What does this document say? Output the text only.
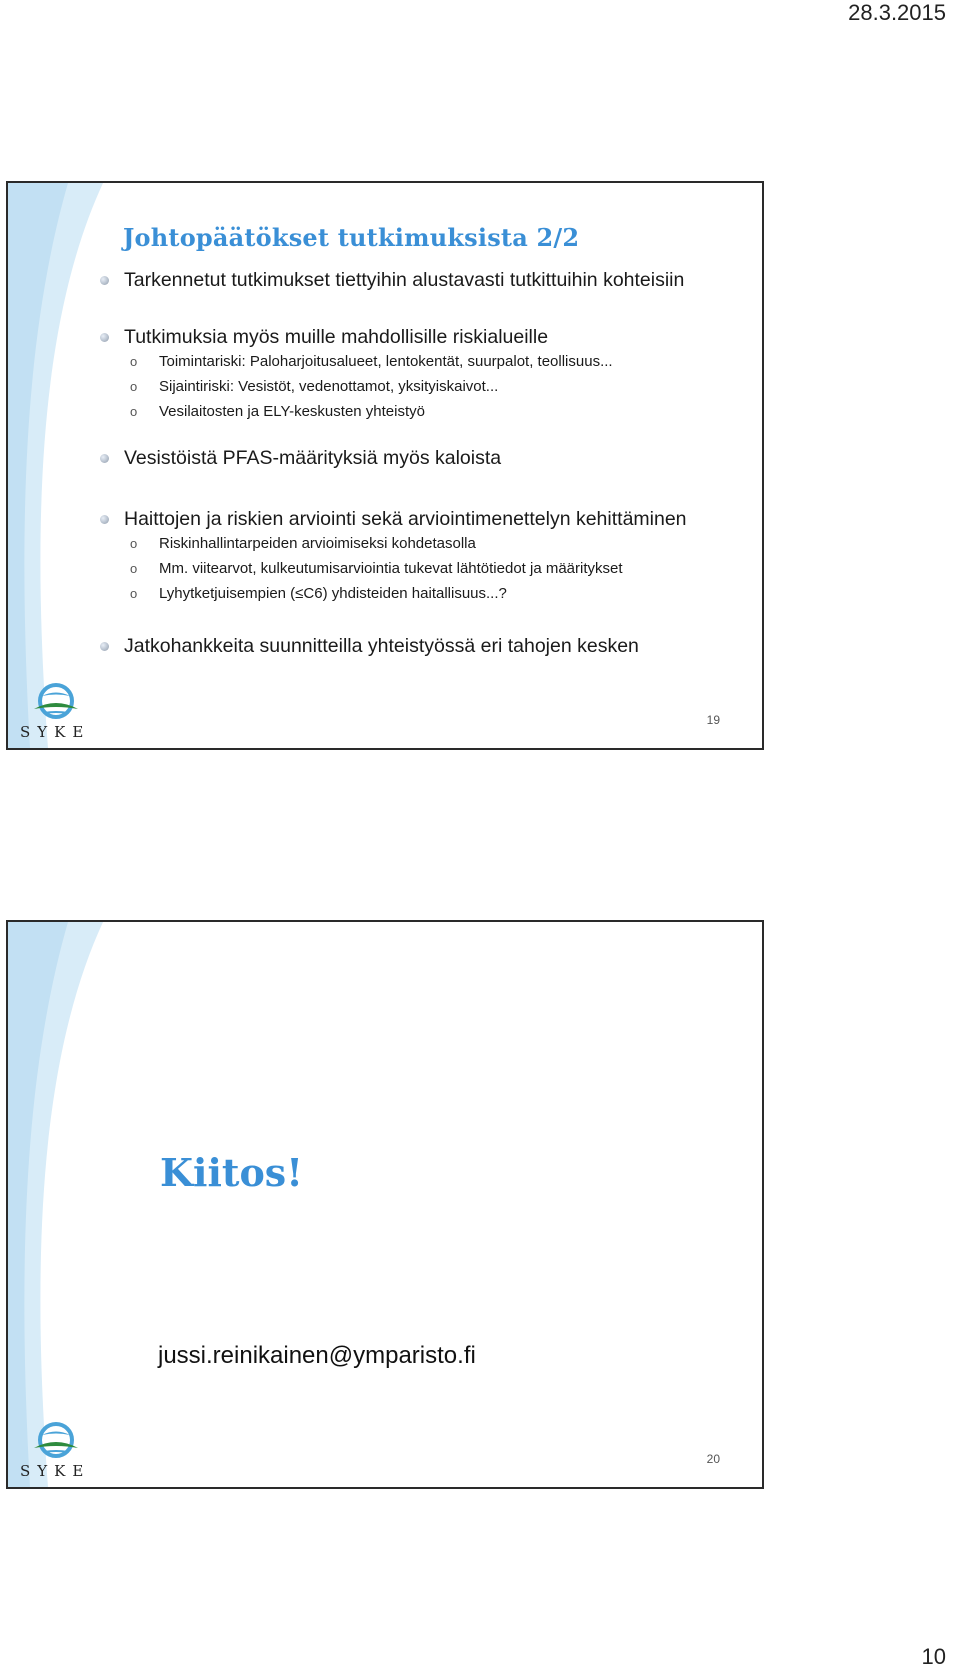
28.3.2015
Johtopäätökset tutkimuksista 2/2
Tarkennetut tutkimukset tiettyihin alustavasti tutkittuihin kohteisiin
Tutkimuksia myös muille mahdollisille riskialueille
o Toimintariski: Paloharjoitusalueet, lentokentät, suurpalot, teollisuus...
o Sijaintiriski: Vesistöt, vedenottamot, yksityiskaivot...
o Vesilaitosten ja ELY-keskusten yhteistyö
Vesistöistä PFAS-määrityksiä myös kaloista
Haittojen ja riskien arviointi sekä arviointimenettelyn kehittäminen
o Riskinhallintarpeiden arvioimiseksi kohdetasolla
o Mm. viitearvot, kulkeutumisarviointia tukevat lähtötiedot ja määritykset
o Lyhytketjuisempien (≤C6) yhdisteiden haitallisuus...?
Jatkohankkeita suunnitteilla yhteistyössä eri tahojen kesken
SYKE
19
Kiitos!
jussi.reinikainen@ymparisto.fi
SYKE
20
10
